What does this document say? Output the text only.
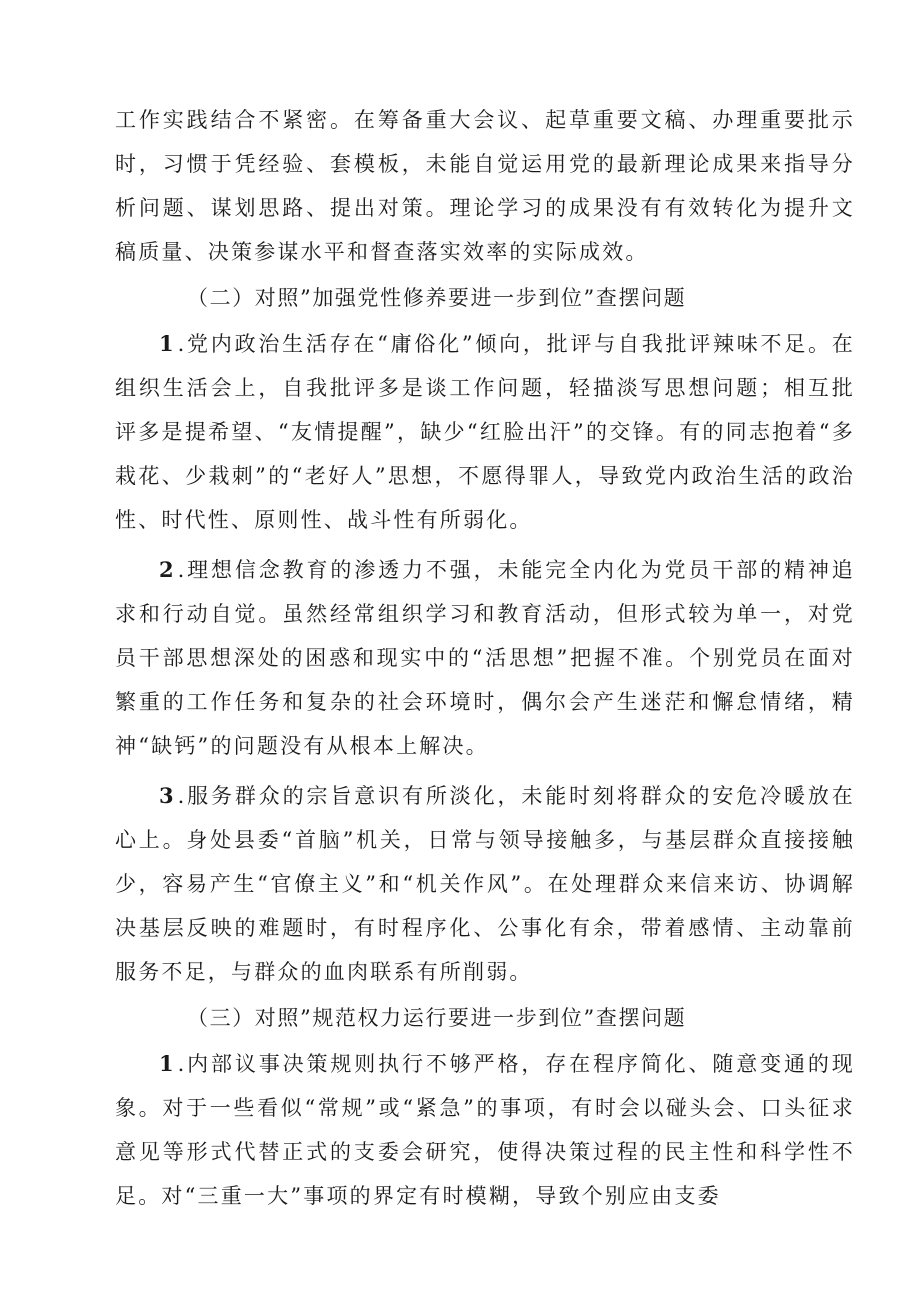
工作实践结合不紧密。在筹备重大会议、起草重要文稿、办理重要批示时，习惯于凭经验、套模板，未能自觉运用党的最新理论成果来指导分析问题、谋划思路、提出对策。理论学习的成果没有有效转化为提升文稿质量、决策参谋水平和督查落实效率的实际成效。

（二）对照”加强党性修养要进一步到位”查摆问题

1 .党内政治生活存在“庸俗化”倾向，批评与自我批评辣味不足。在组织生活会上，自我批评多是谈工作问题，轻描淡写思想问题；相互批评多是提希望、“友情提醒”，缺少“红脸出汗”的交锋。有的同志抱着“多栽花、少栽刺”的“老好人”思想，不愿得罪人，导致党内政治生活的政治性、时代性、原则性、战斗性有所弱化。

2 .理想信念教育的渗透力不强，未能完全内化为党员干部的精神追求和行动自觉。虽然经常组织学习和教育活动，但形式较为单一，对党员干部思想深处的困惑和现实中的“活思想”把握不准。个别党员在面对繁重的工作任务和复杂的社会环境时，偶尔会产生迷茫和懈怠情绪，精神“缺钙”的问题没有从根本上解决。

3 .服务群众的宗旨意识有所淡化，未能时刻将群众的安危冷暖放在心上。身处县委“首脑”机关，日常与领导接触多，与基层群众直接接触少，容易产生“官僚主义”和“机关作风”。在处理群众来信来访、协调解决基层反映的难题时，有时程序化、公事化有余，带着感情、主动靠前服务不足，与群众的血肉联系有所削弱。

（三）对照”规范权力运行要进一步到位”查摆问题

1 .内部议事决策规则执行不够严格，存在程序简化、随意变通的现象。对于一些看似“常规”或“紧急”的事项，有时会以碰头会、口头征求意见等形式代替正式的支委会研究，使得决策过程的民主性和科学性不足。对“三重一大”事项的界定有时模糊，导致个别应由支委
